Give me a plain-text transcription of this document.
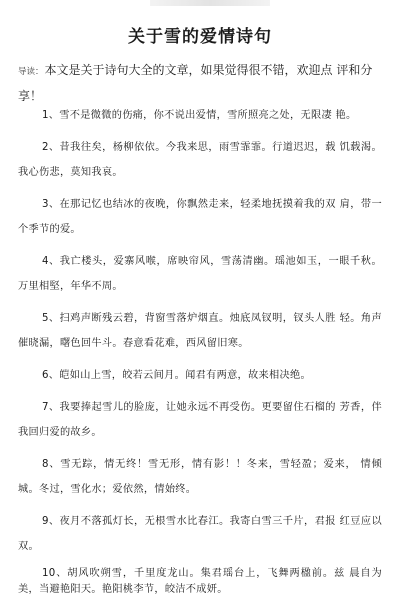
关于雪的爱情诗句
导读：本文是关于诗句大全的文章，如果觉得很不错，欢迎点 评和分享！

1、雪不是微微的伤痛，你不说出爱情，雪所照亮之处，无限凄 艳。

2、昔我往矣，杨柳依依。今我来思，雨雪霏霏。行道迟迟，载 饥载渴。我心伤悲，莫知我哀。

3、在那记忆也结冰的夜晚，你飘然走来，轻柔地抚摸着我的双 肩，带一个季节的爱。

4、我亡楼头，爱寨风喉，席映帘风，雪荡清幽。瑶池如玉，一眼千秋。万里相堅，年华不周。

5、扫鸡声断残云碧，背窗雪落炉烟直。烛底凤钗明，钗头人胜 轻。角声催晓漏，曙色回牛斗。春意看花难，西风留旧寒。

6、皑如山上雪，皎若云间月。闻君有两意，故来相决绝。

7、我要捧起雪儿的脸庞，让她永远不再受伤。更要留住石榴的 芳香，伴我回归爱的故乡。

8、雪无踪，情无终！雪无形，情有影！！冬来，雪轻盈；爱来， 情倾城。冬过，雪化水；爱依然，情始终。

9、夜月不落孤灯长，无根雪水比春江。我寄白雪三千片，君报 红豆应以双。

10、胡风吹朔雪，千里度龙山。集君瑶台上，飞舞两楹前。兹 晨自为美，当避艳阳天。艳阳桃李节，皎洁不成妍。
